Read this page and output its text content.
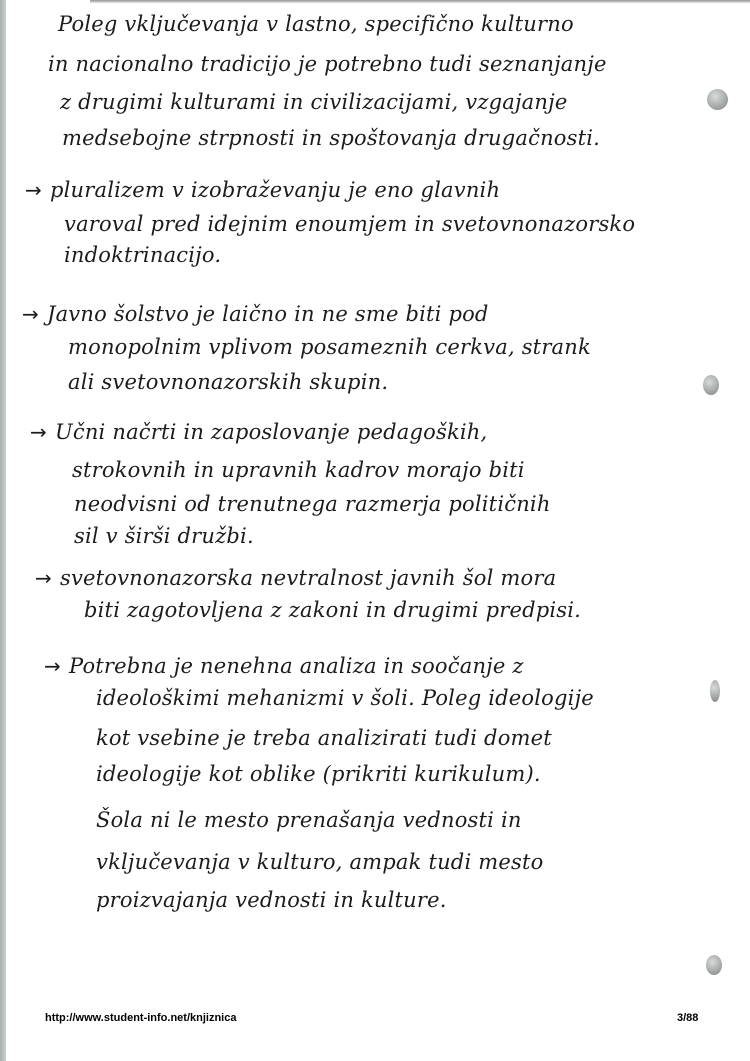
Poleg vključevanja v lastno, specifično kulturno
in nacionalno tradicijo je potrebno tudi seznanjanje
z drugimi kulturami in civilizacijami, vzgajanje
medsebojne strpnosti in spoštovanja drugačnosti.
→ pluralizem v izobraževanju je eno glavnih
varoval pred idejnim enoumjem in svetovnonazorsko
indoktrinacijo.
→ Javno šolstvo je laično in ne sme biti pod
monopolnim vplivom posameznih cerkva, strank
ali svetovnonazorskih skupin.
→ Učni načrti in zaposlovanje pedagoških,
strokovnih in upravnih kadrov morajo biti
neodvisni od trenutnega razmerja političnih
sil v širši družbi.
→ svetovnonazorska nevtralnost javnih šol mora
biti zagotovljena z zakoni in drugimi predpisi.
→ Potrebna je nenehna analiza in soočanje z
ideološkimi mehanizmi v šoli. Poleg ideologije
kot vsebine je treba analizirati tudi domet
ideologije kot oblike (prikriti kurikulum).
Šola ni le mesto prenašanja vednosti in
vključevanja v kulturo, ampak tudi mesto
proizvajanja vednosti in kulture.
http://www.student-info.net/knjiznica	3/88
